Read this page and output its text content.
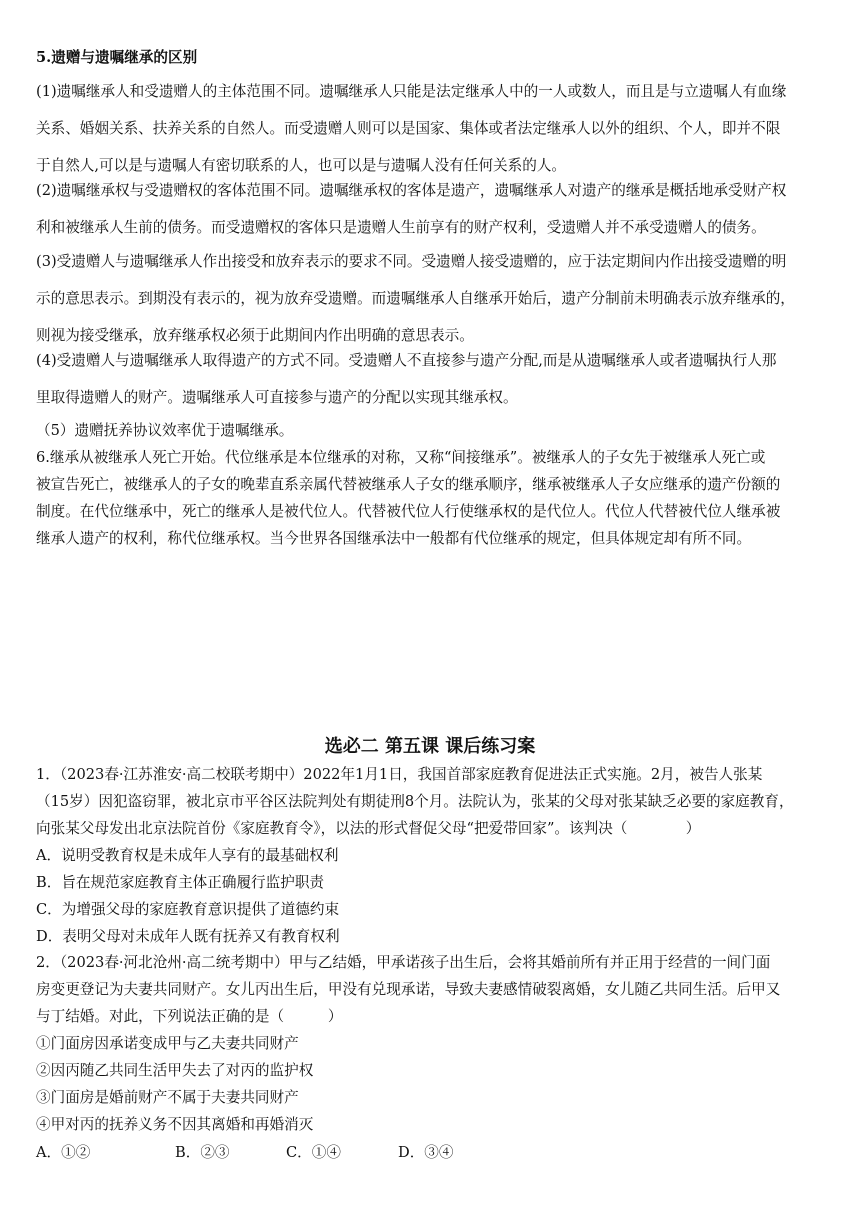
5.遗赠与遗嘱继承的区别
(1)遗嘱继承人和受遗赠人的主体范围不同。遗嘱继承人只能是法定继承人中的一人或数人，而且是与立遗嘱人有血缘
关系、婚姻关系、扶养关系的自然人。而受遗赠人则可以是国家、集体或者法定继承人以外的组织、个人，即并不限
于自然人,可以是与遗嘱人有密切联系的人，也可以是与遗嘱人没有任何关系的人。
(2)遗嘱继承权与受遗赠权的客体范围不同。遗嘱继承权的客体是遗产，遗嘱继承人对遗产的继承是概括地承受财产权
利和被继承人生前的债务。而受遗赠权的客体只是遗赠人生前享有的财产权利，受遗赠人并不承受遗赠人的债务。
(3)受遗赠人与遗嘱继承人作出接受和放弃表示的要求不同。受遗赠人接受遗赠的，应于法定期间内作出接受遗赠的明
示的意思表示。到期没有表示的，视为放弃受遗赠。而遗嘱继承人自继承开始后，遗产分制前未明确表示放弃继承的，
则视为接受继承，放弃继承权必须于此期间内作出明确的意思表示。
(4)受遗赠人与遗嘱继承人取得遗产的方式不同。受遗赠人不直接参与遗产分配,而是从遗嘱继承人或者遗嘱执行人那
里取得遗赠人的财产。遗嘱继承人可直接参与遗产的分配以实现其继承权。
（5）遗赠抚养协议效率优于遗嘱继承。
6.继承从被继承人死亡开始。代位继承是本位继承的对称，又称“间接继承”。被继承人的子女先于被继承人死亡或
被宣告死亡，被继承人的子女的晚辈直系亲属代替被继承人子女的继承顺序，继承被继承人子女应继承的遗产份额的
制度。在代位继承中，死亡的继承人是被代位人。代替被代位人行使继承权的是代位人。代位人代替被代位人继承被
继承人遗产的权利，称代位继承权。当今世界各国继承法中一般都有代位继承的规定，但具体规定却有所不同。
选必二 第五课 课后练习案
1．（2023春·江苏淮安·高二校联考期中）2022年1月1日，我国首部家庭教育促进法正式实施。2月，被告人张某
（15岁）因犯盗窃罪，被北京市平谷区法院判处有期徒刑8个月。法院认为，张某的父母对张某缺乏必要的家庭教育，
向张某父母发出北京法院首份《家庭教育令》，以法的形式督促父母“把爱带回家”。该判决（　　　　）
A．说明受教育权是未成年人享有的最基础权利
B．旨在规范家庭教育主体正确履行监护职责
C．为增强父母的家庭教育意识提供了道德约束
D．表明父母对未成年人既有抚养又有教育权利
2．（2023春·河北沧州·高二统考期中）甲与乙结婚，甲承诺孩子出生后，会将其婚前所有并正用于经营的一间门面
房变更登记为夫妻共同财产。女儿丙出生后，甲没有兑现承诺，导致夫妻感情破裂离婚，女儿随乙共同生活。后甲又
与丁结婚。对此，下列说法正确的是（　　　）
①门面房因承诺变成甲与乙夫妻共同财产
②因丙随乙共同生活甲失去了对丙的监护权
③门面房是婚前财产不属于夫妻共同财产
④甲对丙的抚养义务不因其离婚和再婚消灭
A．①②	B．②③	C．①④	D．③④
